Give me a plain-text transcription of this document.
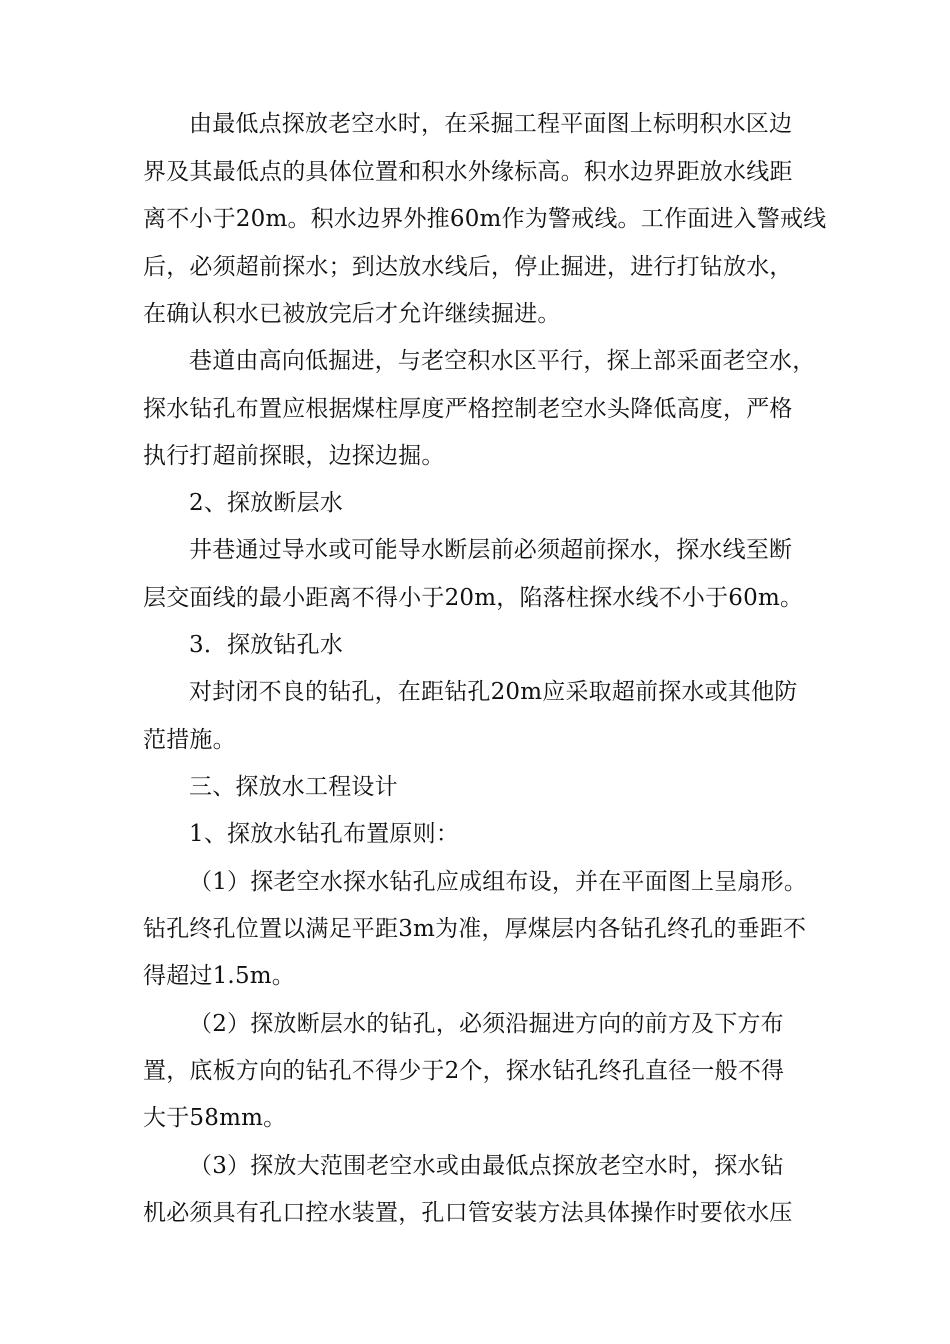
由最低点探放老空水时，在采掘工程平面图上标明积水区边
界及其最低点的具体位置和积水外缘标高。积水边界距放水线距
离不小于20m。积水边界外推60m作为警戒线。工作面进入警戒线
后，必须超前探水；到达放水线后，停止掘进，进行打钻放水，
在确认积水已被放完后才允许继续掘进。
巷道由高向低掘进，与老空积水区平行，探上部采面老空水，
探水钻孔布置应根据煤柱厚度严格控制老空水头降低高度，严格
执行打超前探眼，边探边掘。
2、探放断层水
井巷通过导水或可能导水断层前必须超前探水，探水线至断
层交面线的最小距离不得小于20m，陷落柱探水线不小于60m。
3．探放钻孔水
对封闭不良的钻孔，在距钻孔20m应采取超前探水或其他防
范措施。
三、探放水工程设计
1、探放水钻孔布置原则：
（1）探老空水探水钻孔应成组布设，并在平面图上呈扇形。
钻孔终孔位置以满足平距3m为准，厚煤层内各钻孔终孔的垂距不
得超过1.5m。
（2）探放断层水的钻孔，必须沿掘进方向的前方及下方布
置，底板方向的钻孔不得少于2个，探水钻孔终孔直径一般不得
大于58mm。
（3）探放大范围老空水或由最低点探放老空水时，探水钻
机必须具有孔口控水装置，孔口管安装方法具体操作时要依水压
